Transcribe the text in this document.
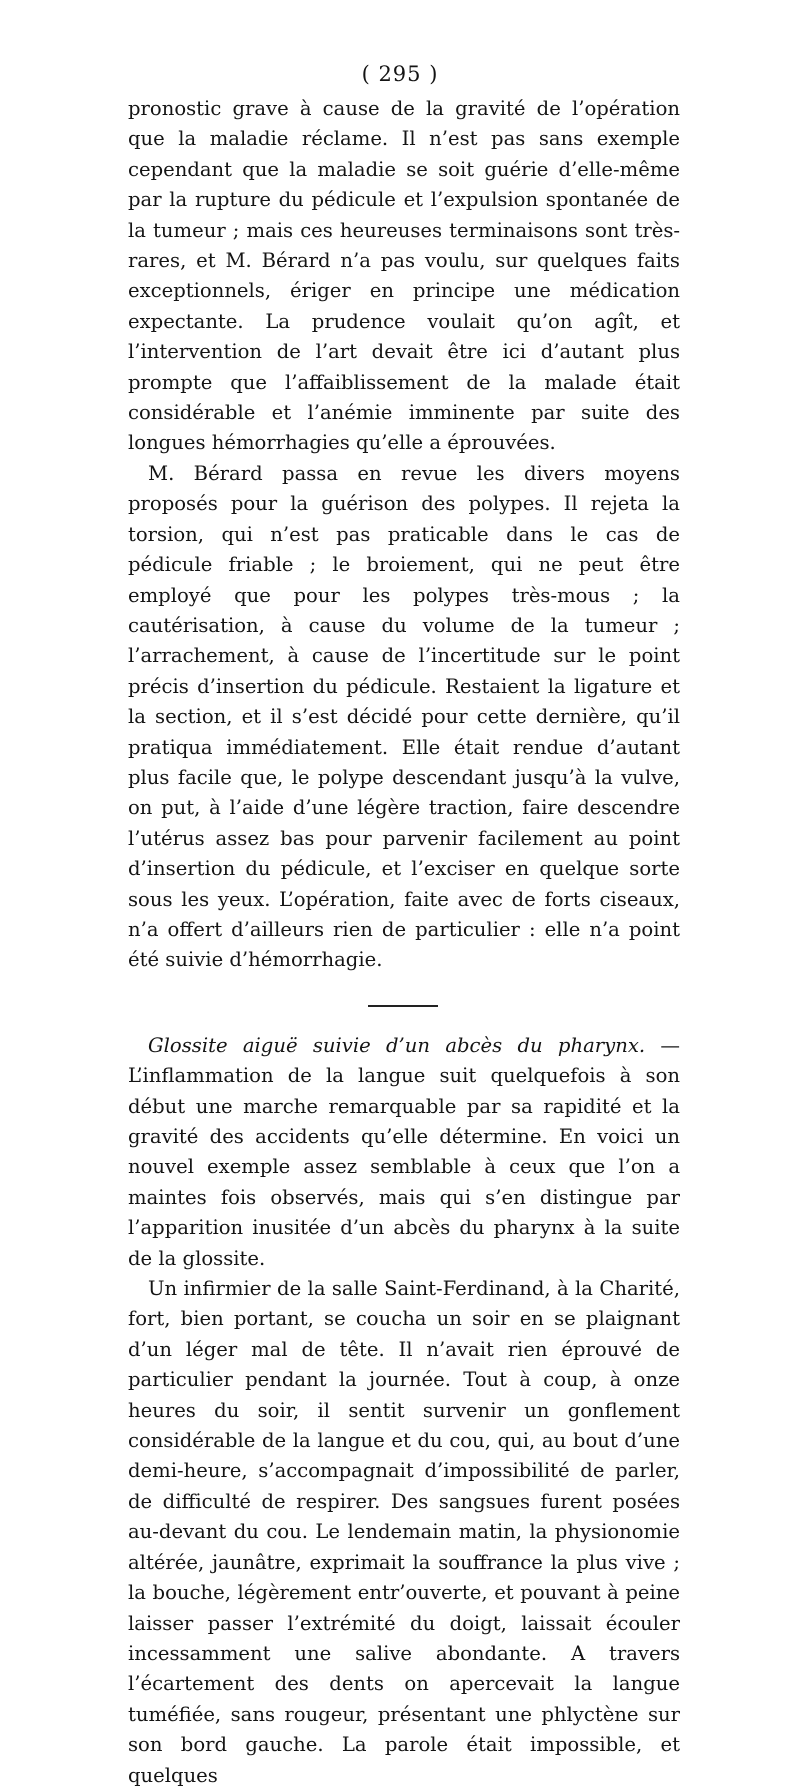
( 295 )

pronostic grave à cause de la gravité de l’opération que la maladie réclame. Il n’est pas sans exemple cependant que la maladie se soit guérie d’elle-même par la rupture du pédicule et l’expulsion spontanée de la tumeur ; mais ces heureuses terminaisons sont très-rares, et M. Bérard n’a pas voulu, sur quelques faits exceptionnels, ériger en principe une médication expectante. La prudence voulait qu’on agît, et l’intervention de l’art devait être ici d’autant plus prompte que l’affaiblissement de la malade était considérable et l’anémie imminente par suite des longues hémorrhagies qu’elle a éprouvées.

M. Bérard passa en revue les divers moyens proposés pour la guérison des polypes. Il rejeta la torsion, qui n’est pas praticable dans le cas de pédicule friable ; le broiement, qui ne peut être employé que pour les polypes très-mous ; la cautérisation, à cause du volume de la tumeur ; l’arrachement, à cause de l’incertitude sur le point précis d’insertion du pédicule. Restaient la ligature et la section, et il s’est décidé pour cette dernière, qu’il pratiqua immédiatement. Elle était rendue d’autant plus facile que, le polype descendant jusqu’à la vulve, on put, à l’aide d’une légère traction, faire descendre l’utérus assez bas pour parvenir facilement au point d’insertion du pédicule, et l’exciser en quelque sorte sous les yeux. L’opération, faite avec de forts ciseaux, n’a offert d’ailleurs rien de particulier : elle n’a point été suivie d’hémorrhagie.

Glossite aiguë suivie d’un abcès du pharynx. — L’inflammation de la langue suit quelquefois à son début une marche remarquable par sa rapidité et la gravité des accidents qu’elle détermine. En voici un nouvel exemple assez semblable à ceux que l’on a maintes fois observés, mais qui s’en distingue par l’apparition inusitée d’un abcès du pharynx à la suite de la glossite.

Un infirmier de la salle Saint-Ferdinand, à la Charité, fort, bien portant, se coucha un soir en se plaignant d’un léger mal de tête. Il n’avait rien éprouvé de particulier pendant la journée. Tout à coup, à onze heures du soir, il sentit survenir un gonflement considérable de la langue et du cou, qui, au bout d’une demi-heure, s’accompagnait d’impossibilité de parler, de difficulté de respirer. Des sangsues furent posées au-devant du cou. Le lendemain matin, la physionomie altérée, jaunâtre, exprimait la souffrance la plus vive ; la bouche, légèrement entr’ouverte, et pouvant à peine laisser passer l’extrémité du doigt, laissait écouler incessamment une salive abondante. A travers l’écartement des dents on apercevait la langue tuméfiée, sans rougeur, présentant une phlyctène sur son bord gauche. La parole était impossible, et quelques
